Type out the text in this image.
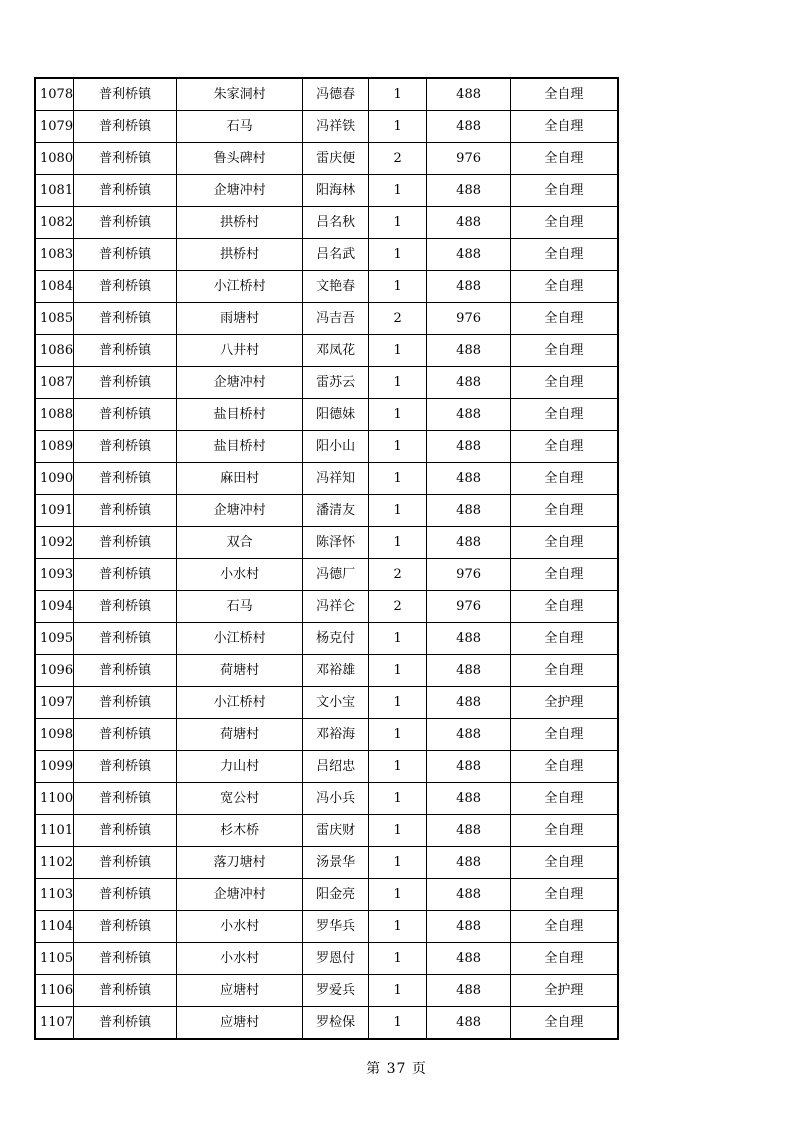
1078	普利桥镇	朱家洞村	冯德春	1	488	全自理
1079	普利桥镇	石马	冯祥铁	1	488	全自理
1080	普利桥镇	鲁头碑村	雷庆便	2	976	全自理
1081	普利桥镇	企塘冲村	阳海林	1	488	全自理
1082	普利桥镇	拱桥村	吕名秋	1	488	全自理
1083	普利桥镇	拱桥村	吕名武	1	488	全自理
1084	普利桥镇	小江桥村	文艳春	1	488	全自理
1085	普利桥镇	雨塘村	冯吉吾	2	976	全自理
1086	普利桥镇	八井村	邓凤花	1	488	全自理
1087	普利桥镇	企塘冲村	雷苏云	1	488	全自理
1088	普利桥镇	盐目桥村	阳德妹	1	488	全自理
1089	普利桥镇	盐目桥村	阳小山	1	488	全自理
1090	普利桥镇	麻田村	冯祥知	1	488	全自理
1091	普利桥镇	企塘冲村	潘清友	1	488	全自理
1092	普利桥镇	双合	陈泽怀	1	488	全自理
1093	普利桥镇	小水村	冯德厂	2	976	全自理
1094	普利桥镇	石马	冯祥仑	2	976	全自理
1095	普利桥镇	小江桥村	杨克付	1	488	全自理
1096	普利桥镇	荷塘村	邓裕雄	1	488	全自理
1097	普利桥镇	小江桥村	文小宝	1	488	全护理
1098	普利桥镇	荷塘村	邓裕海	1	488	全自理
1099	普利桥镇	力山村	吕绍忠	1	488	全自理
1100	普利桥镇	宽公村	冯小兵	1	488	全自理
1101	普利桥镇	杉木桥	雷庆财	1	488	全自理
1102	普利桥镇	落刀塘村	汤景华	1	488	全自理
1103	普利桥镇	企塘冲村	阳金亮	1	488	全自理
1104	普利桥镇	小水村	罗华兵	1	488	全自理
1105	普利桥镇	小水村	罗恩付	1	488	全自理
1106	普利桥镇	应塘村	罗爱兵	1	488	全护理
1107	普利桥镇	应塘村	罗检保	1	488	全自理
第 37 页
